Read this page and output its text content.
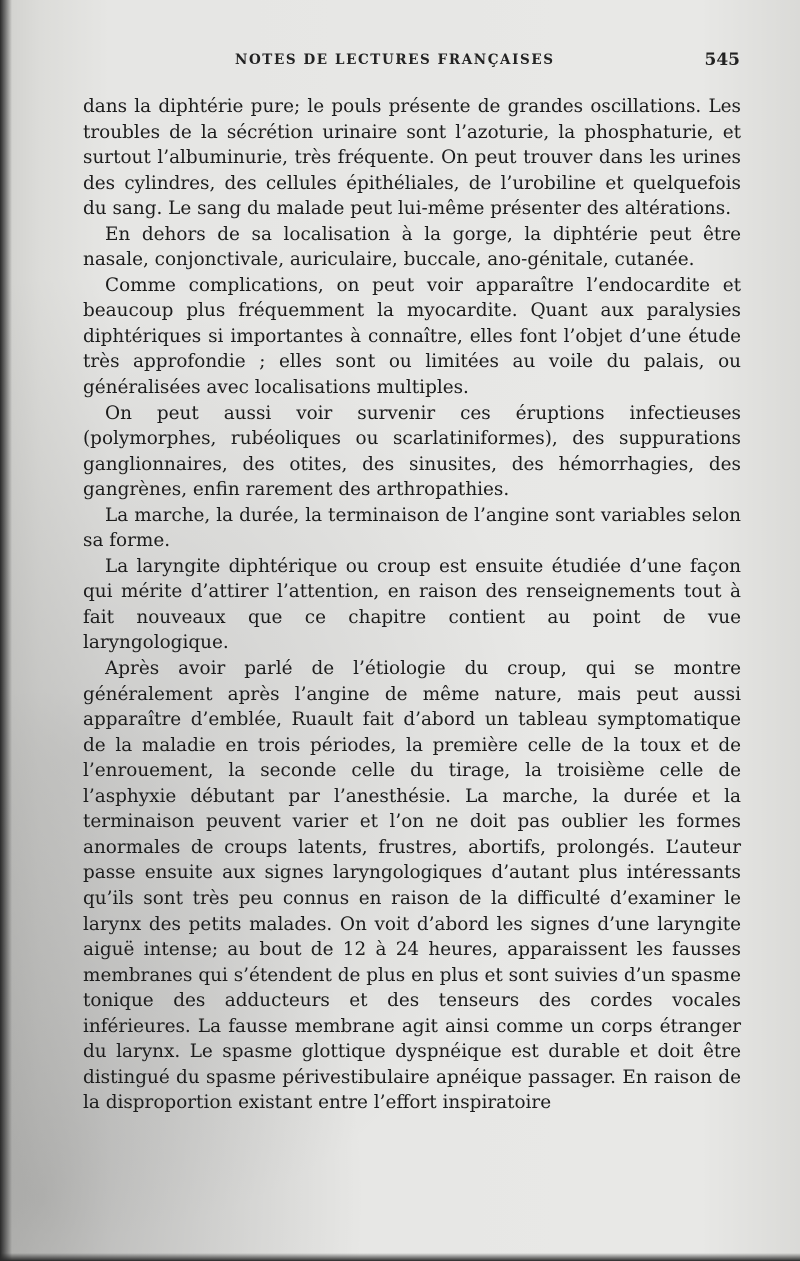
NOTES DE LECTURES FRANÇAISES	545

dans la diphtérie pure; le pouls présente de grandes oscillations. Les troubles de la sécrétion urinaire sont l’azoturie, la phosphaturie, et surtout l’albuminurie, très fréquente. On peut trouver dans les urines des cylindres, des cellules épithéliales, de l’urobiline et quelquefois du sang. Le sang du malade peut lui-même présenter des altérations.

En dehors de sa localisation à la gorge, la diphtérie peut être nasale, conjonctivale, auriculaire, buccale, ano-génitale, cutanée.

Comme complications, on peut voir apparaître l’endocardite et beaucoup plus fréquemment la myocardite. Quant aux paralysies diphtériques si importantes à connaître, elles font l’objet d’une étude très approfondie ; elles sont ou limitées au voile du palais, ou généralisées avec localisations multiples.

On peut aussi voir survenir ces éruptions infectieuses (polymorphes, rubéoliques ou scarlatiniformes), des suppurations ganglionnaires, des otites, des sinusites, des hémorrhagies, des gangrènes, enfin rarement des arthropathies.

La marche, la durée, la terminaison de l’angine sont variables selon sa forme.

La laryngite diphtérique ou croup est ensuite étudiée d’une façon qui mérite d’attirer l’attention, en raison des renseignements tout à fait nouveaux que ce chapitre contient au point de vue laryngologique.

Après avoir parlé de l’étiologie du croup, qui se montre généralement après l’angine de même nature, mais peut aussi apparaître d’emblée, Ruault fait d’abord un tableau symptomatique de la maladie en trois périodes, la première celle de la toux et de l’enrouement, la seconde celle du tirage, la troisième celle de l’asphyxie débutant par l’anesthésie. La marche, la durée et la terminaison peuvent varier et l’on ne doit pas oublier les formes anormales de croups latents, frustres, abortifs, prolongés. L’auteur passe ensuite aux signes laryngologiques d’autant plus intéressants qu’ils sont très peu connus en raison de la difficulté d’examiner le larynx des petits malades. On voit d’abord les signes d’une laryngite aiguë intense; au bout de 12 à 24 heures, apparaissent les fausses membranes qui s’étendent de plus en plus et sont suivies d’un spasme tonique des adducteurs et des tenseurs des cordes vocales inférieures. La fausse membrane agit ainsi comme un corps étranger du larynx. Le spasme glottique dyspnéique est durable et doit être distingué du spasme périvestibulaire apnéique passager. En raison de la disproportion existant entre l’effort inspiratoire
